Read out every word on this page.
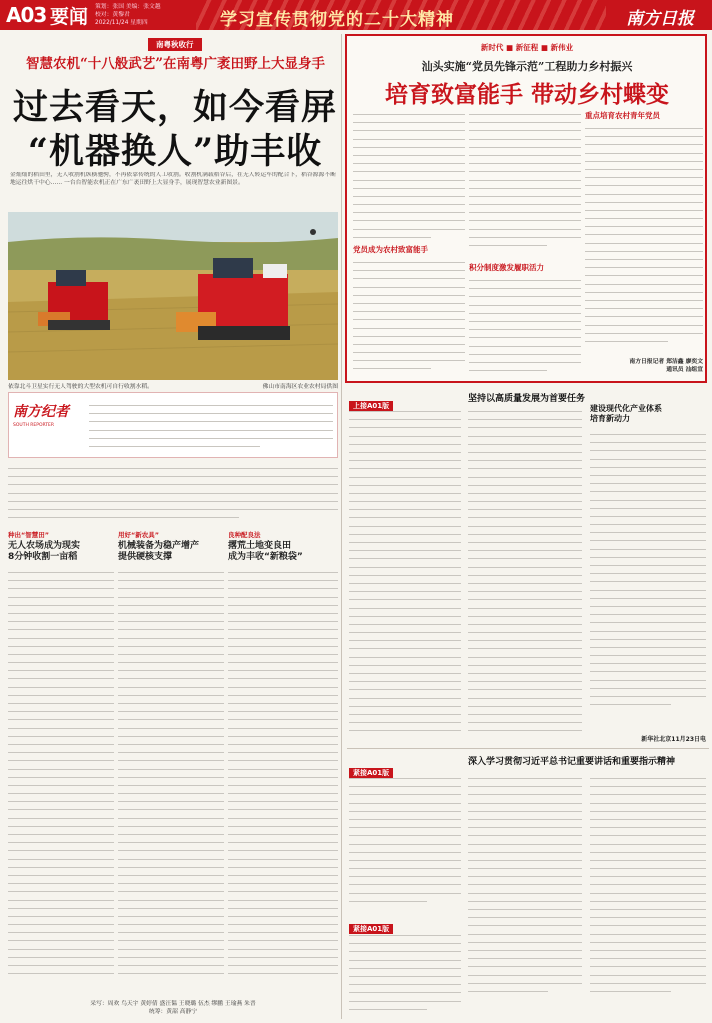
A03 要闻 策划：张国 美编：张文越
校对：黄黎君
2022/11/24 星期四	学习宣传贯彻党的二十大精神	南方日报
南粤秋收行
智慧农机“十八般武艺”在南粤广袤田野上大显身手
过去看天，如今看屏
“机器换人”助丰收
金灿灿的稻田里，无人收割机纵横驰骋，不再依靠传统的人工收割。收割机满载稻谷后，在无人转运车的配合下，稻谷源源不断地运往烘干中心…… 一台台智能农机正在广东广袤田野上大显身手，展现智慧农业新图景。
依靠北斗卫星实行无人驾驶的大型农机可自行收割水稻。	佛山市南海区农业农村局供图
南方纪者
SOUTH REPORTER
种出“智慧田”
无人农场成为现实
8分钟收割一亩稻
用好“新农具”
机械装备为稳产增产
提供硬核支撑
良种配良法
撂荒土地变良田
成为丰收“新粮袋”
采写：周欢 鸟天宇 黄婷倩 盛汪韫 王晓璐 伍杰 缪鹏 王瑜燕 朱晋
统筹：黄韶 高静宁
新时代 ■ 新征程 ■ 新伟业
汕头实施“党员先锋示范”工程助力乡村振兴
培育致富能手 带动乡村蝶变
党员成为农村致富能手
积分制度激发履职活力
重点培育农村青年党员
南方日报记者 郑洁鑫 廖奕文
通讯员 汕组宣
上接A01版
坚持以高质量发展为首要任务
建设现代化产业体系
培育新动力
新华社北京11月23日电
紧接A01版
深入学习贯彻习近平总书记重要讲话和重要指示精神
紧接A01版
